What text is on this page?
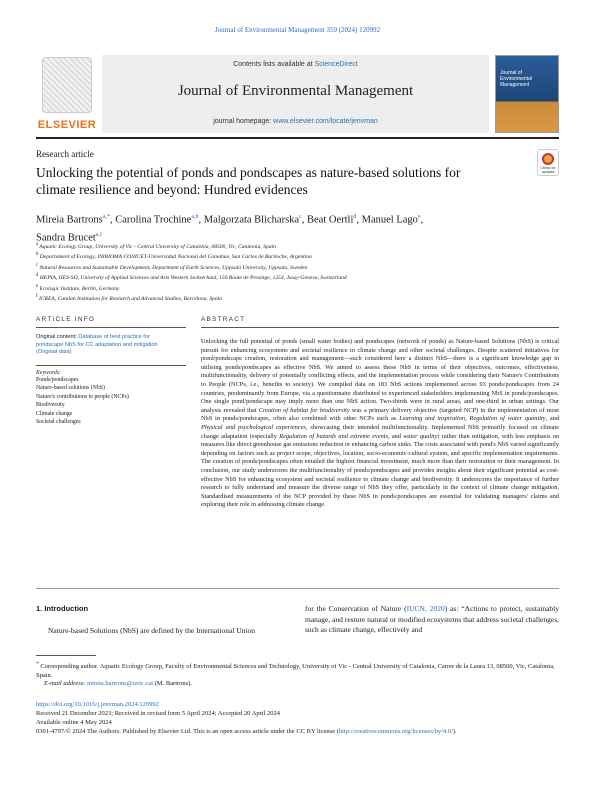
Journal of Environmental Management 359 (2024) 120992
ELSEVIER
Contents lists available at ScienceDirect
Journal of Environmental Management
journal homepage: www.elsevier.com/locate/jenvman
Journal of Environmental Management
Research article
Check for updates
Unlocking the potential of ponds and pondscapes as nature-based solutions for climate resilience and beyond: Hundred evidences
Mireia Bartrons$^{a,*}$, Carolina Trochine$^{a,b}$, Malgorzata Blicharska$^c$, Beat Oertli$^d$, Manuel Lago$^e$,
Sandra Brucet$^{a,f}$
$^a$ Aquatic Ecology Group, University of Vic - Central University of Catalonia, 08500, Vic, Catalonia, Spain
$^b$ Departament of Ecology, INIBIOMA CONICET-Universidad Nacional del Comahue, San Carlos de Bariloche, Argentina
$^c$ Natural Resources and Sustainable Development, Department of Earth Sciences, Uppsala University, Uppsala, Sweden
$^d$ HEPIA, HES-SO, University of Applied Sciences and Arts Western Switzerland, 150 Route de Presinge, 1254, Jussy-Geneva, Switzerland
$^e$ Ecologic Institute, Berlin, Germany
$^f$ ICREA, Catalan Institution for Research and Advanced Studies, Barcelona, Spain
ARTICLE INFO	ABSTRACT
Original content: Database of best practice for pondscape NbS for CC adaptation and mitigation (Original data)
Keywords:
Ponds/pondscapes
Nature-based solutions (NbS)
Nature's contributions to people (NCPs)
Biodiversity
Climate change
Societal challenges
Unlocking the full potential of ponds (small water bodies) and pondscapes (network of ponds) as Nature-based Solutions (NbS) is critical pursuit for enhancing ecosystems and societal resilience to climate change and other societal challenges. Despite scattered initiatives for pond/pondscape creation, restoration and management—each considered here a distinct NbS—there is a significant knowledge gap in utilising ponds/pondscapes as effective NbS. We aimed to assess these NbS in terms of their objectives, outcomes, effectiveness, multifunctionality, delivery of potentially conflicting effects, and the implementation process while considering their Nature's Contributions to People (NCPs, i.e., benefits to society). We compiled data on 183 NbS actions implemented across 93 ponds/pondscapes from 24 countries, predominantly from Europe, via a questionnaire distributed to experienced stakeholders implementing NbS in ponds/pondscapes. One single pond/pondscape may imply more than one NbS action. Two-thirds were in rural areas, and one-third in urban settings. Our analysis revealed that Creation of habitat for biodiversity was a primary delivery objective (targeted NCP) in the implementation of most NbS in ponds/pondscapes, often also combined with other NCPs such as Learning and inspiration, Regulation of water quantity, and Physical and psychological experiences, showcasing their intended multifunctionality. Implemented NbS primarily focused on climate change adaptation (especially Regulation of hazards and extreme events, and water quality) rather than mitigation, with less emphasis on measures like direct greenhouse gas emissions reduction or enhancing carbon sinks. The costs associated with pond's NbS varied significantly depending on factors such as project scope, objectives, location, socio-economic-cultural system, and specific implementation requirements. The creation of ponds/pondscapes often entailed the highest financial investment, much more than their restoration or their management. In conclusion, our study underscores the multifunctionality of ponds/pondscapes and provides insights about their significant potential as cost-effective NbS for enhancing ecosystem and societal resilience to climate change and biodiversity. It underscores the importance of further research to fully understand and measure the diverse range of NbS they offer, particularly in the context of climate change mitigation. Standardised measurements of the NCP provided by these NbS in ponds/pondscapes are essential for validating managers' claims and exploring their role in addressing climate change.
1. Introduction
Nature-based Solutions (NbS) are defined by the International Union
for the Conservation of Nature (IUCN, 2020) as: “Actions to protect, sustainably manage, and restore natural or modified ecosystems that address societal challenges, such as climate change, effectively and
* Corresponding author. Aquatic Ecology Group, Faculty of Environmental Sciences and Technology, University of Vic - Central University of Catalonia, Carrer de la Laura 13, 08500, Vic, Catalonia, Spain.
E-mail address: mireia.bartrons@uvic.cat (M. Bartrons).
https://doi.org/10.1016/j.jenvman.2024.120992
Received 21 December 2023; Received in revised form 5 April 2024; Accepted 20 April 2024
Available online 4 May 2024
0301-4797/© 2024 The Authors. Published by Elsevier Ltd. This is an open access article under the CC BY license (http://creativecommons.org/licenses/by/4.0/).
